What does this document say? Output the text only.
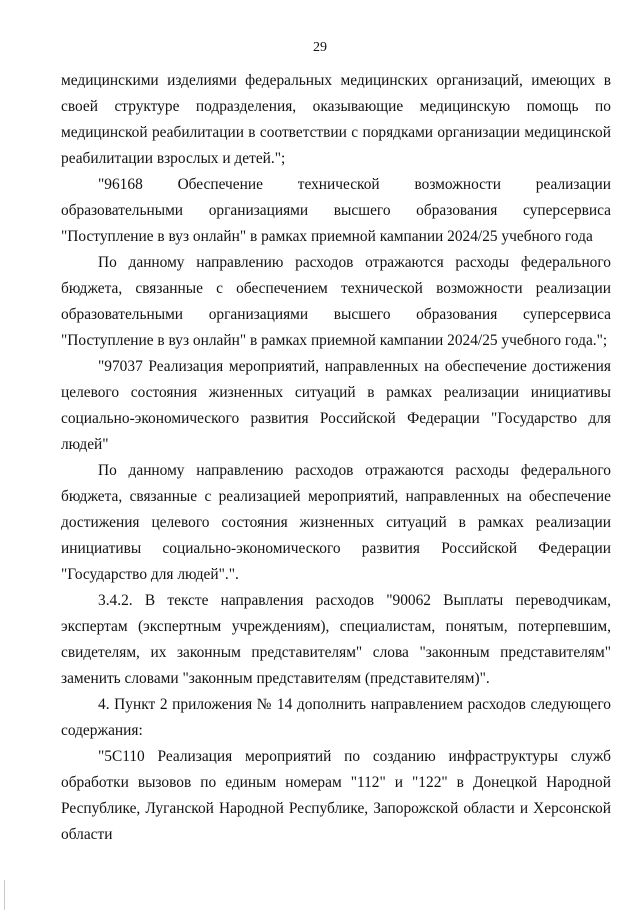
29

медицинскими изделиями федеральных медицинских организаций, имеющих в своей структуре подразделения, оказывающие медицинскую помощь по медицинской реабилитации в соответствии с порядками организации медицинской реабилитации взрослых и детей.";

"96168 Обеспечение технической возможности реализации образовательными организациями высшего образования суперсервиса "Поступление в вуз онлайн" в рамках приемной кампании 2024/25 учебного года

По данному направлению расходов отражаются расходы федерального бюджета, связанные с обеспечением технической возможности реализации образовательными организациями высшего образования суперсервиса "Поступление в вуз онлайн" в рамках приемной кампании 2024/25 учебного года.";

"97037 Реализация мероприятий, направленных на обеспечение достижения целевого состояния жизненных ситуаций в рамках реализации инициативы социально-экономического развития Российской Федерации "Государство для людей"

По данному направлению расходов отражаются расходы федерального бюджета, связанные с реализацией мероприятий, направленных на обеспечение достижения целевого состояния жизненных ситуаций в рамках реализации инициативы социально-экономического развития Российской Федерации "Государство для людей".".

3.4.2. В тексте направления расходов "90062 Выплаты переводчикам, экспертам (экспертным учреждениям), специалистам, понятым, потерпевшим, свидетелям, их законным представителям" слова "законным представителям" заменить словами "законным представителям (представителям)".

4. Пункт 2 приложения № 14 дополнить направлением расходов следующего содержания:

"5С110 Реализация мероприятий по созданию инфраструктуры служб обработки вызовов по единым номерам "112" и "122" в Донецкой Народной Республике, Луганской Народной Республике, Запорожской области и Херсонской области
